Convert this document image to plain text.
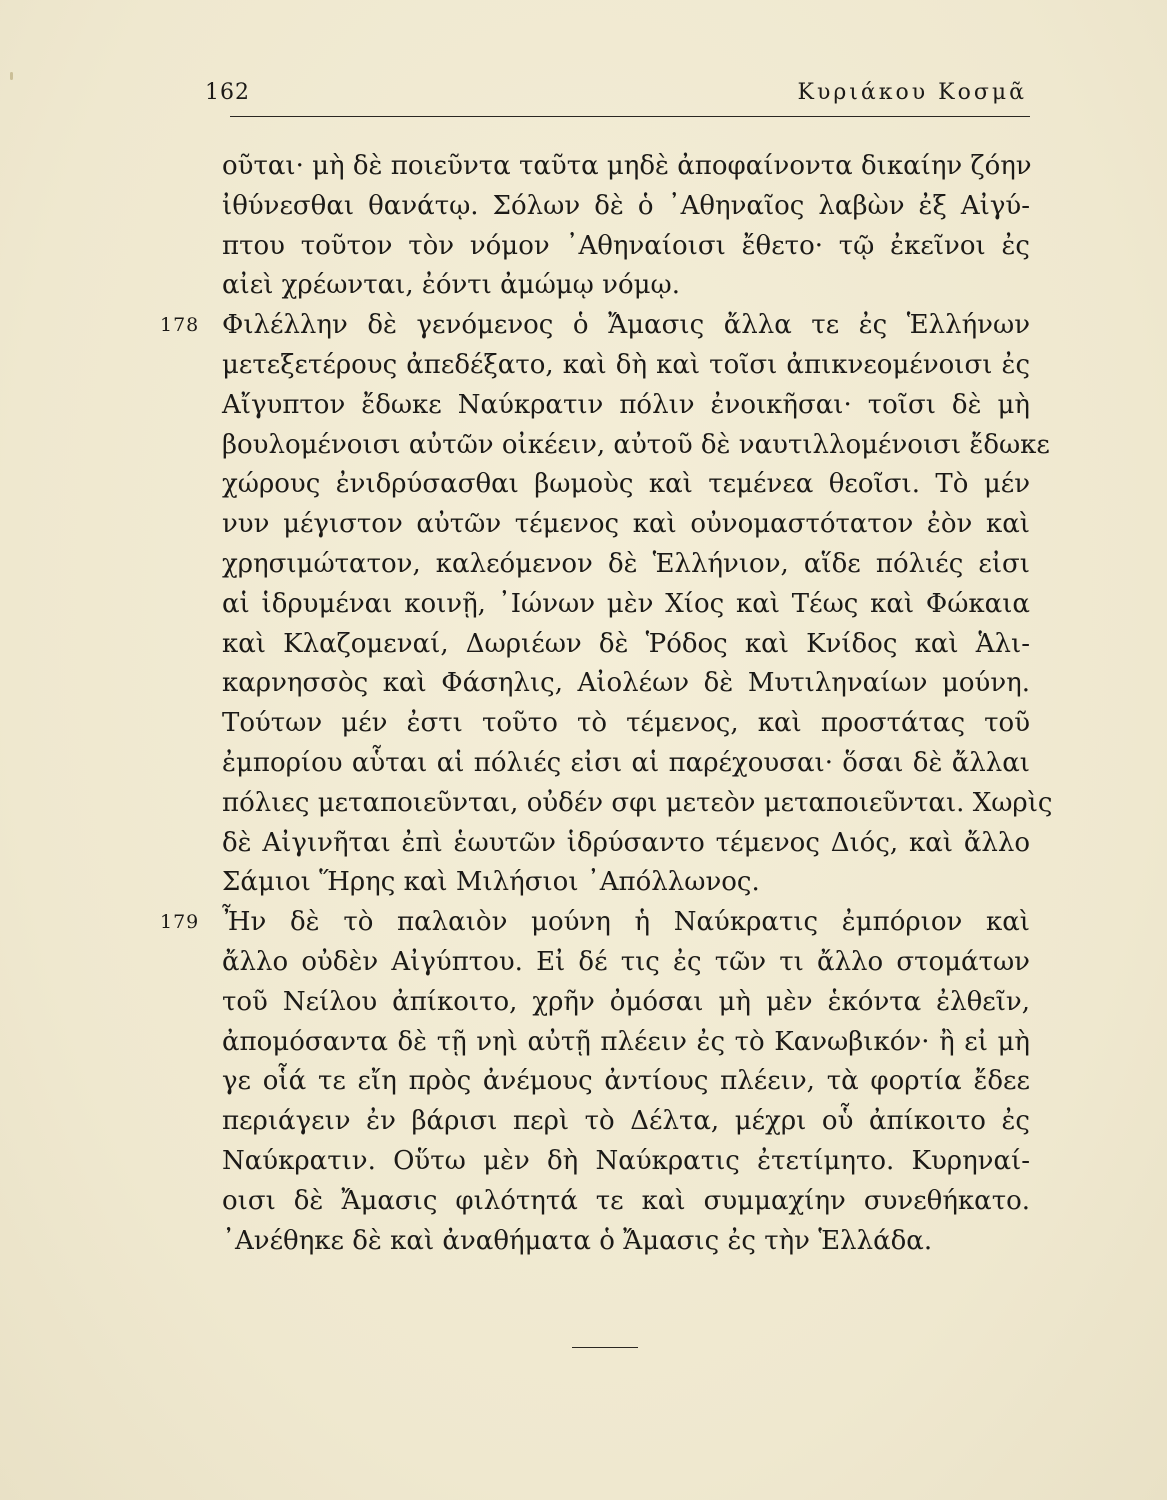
162	Κυριάκου Κοσμᾶ
οῦται· μὴ δὲ ποιεῦντα ταῦτα μηδὲ ἀποφαίνοντα δικαίην ζόην
ἰθύνεσθαι θανάτῳ. Σόλων δὲ ὁ ᾿Αθηναῖος λαβὼν ἐξ Αἰγύ-
πτου τοῦτον τὸν νόμον ᾿Αθηναίοισι ἔθετο· τῷ ἐκεῖνοι ἐς
αἰεὶ χρέωνται, ἐόντι ἀμώμῳ νόμῳ.
178 Φιλέλλην δὲ γενόμενος ὁ Ἄμασις ἄλλα τε ἐς Ἑλλήνων
μετεξετέρους ἀπεδέξατο, καὶ δὴ καὶ τοῖσι ἀπικνεομένοισι ἐς
Αἴγυπτον ἔδωκε Ναύκρατιν πόλιν ἐνοικῆσαι· τοῖσι δὲ μὴ
βουλομένοισι αὐτῶν οἰκέειν, αὐτοῦ δὲ ναυτιλλομένοισι ἔδωκε
χώρους ἐνιδρύσασθαι βωμοὺς καὶ τεμένεα θεοῖσι. Τὸ μέν
νυν μέγιστον αὐτῶν τέμενος καὶ οὐνομαστότατον ἐὸν καὶ
χρησιμώτατον, καλεόμενον δὲ Ἑλλήνιον, αἵδε πόλιές εἰσι
αἱ ἱδρυμέναι κοινῇ, ᾿Ιώνων μὲν Χίος καὶ Τέως καὶ Φώκαια
καὶ Κλαζομεναί, Δωριέων δὲ Ῥόδος καὶ Κνίδος καὶ Ἁλι-
καρνησσὸς καὶ Φάσηλις, Αἰολέων δὲ Μυτιληναίων μούνη.
Τούτων μέν ἐστι τοῦτο τὸ τέμενος, καὶ προστάτας τοῦ
ἐμπορίου αὗται αἱ πόλιές εἰσι αἱ παρέχουσαι· ὅσαι δὲ ἄλλαι
πόλιες μεταποιεῦνται, οὐδέν σφι μετεὸν μεταποιεῦνται. Χωρὶς
δὲ Αἰγινῆται ἐπὶ ἑωυτῶν ἱδρύσαντο τέμενος Διός, καὶ ἄλλο
Σάμιοι Ἥρης καὶ Μιλήσιοι ᾿Απόλλωνος.
179 Ἦν δὲ τὸ παλαιὸν μούνη ἡ Ναύκρατις ἐμπόριον καὶ
ἄλλο οὐδὲν Αἰγύπτου. Εἰ δέ τις ἐς τῶν τι ἄλλο στομάτων
τοῦ Νείλου ἀπίκοιτο, χρῆν ὀμόσαι μὴ μὲν ἑκόντα ἐλθεῖν,
ἀπομόσαντα δὲ τῇ νηὶ αὐτῇ πλέειν ἐς τὸ Κανωβικόν· ἢ εἰ μὴ
γε οἷά τε εἴη πρὸς ἀνέμους ἀντίους πλέειν, τὰ φορτία ἔδεε
περιάγειν ἐν βάρισι περὶ τὸ Δέλτα, μέχρι οὗ ἀπίκοιτο ἐς
Ναύκρατιν. Οὕτω μὲν δὴ Ναύκρατις ἐτετίμητο. Κυρηναί-
οισι δὲ Ἄμασις φιλότητά τε καὶ συμμαχίην συνεθήκατο.
᾿Ανέθηκε δὲ καὶ ἀναθήματα ὁ Ἄμασις ἐς τὴν Ἑλλάδα.
